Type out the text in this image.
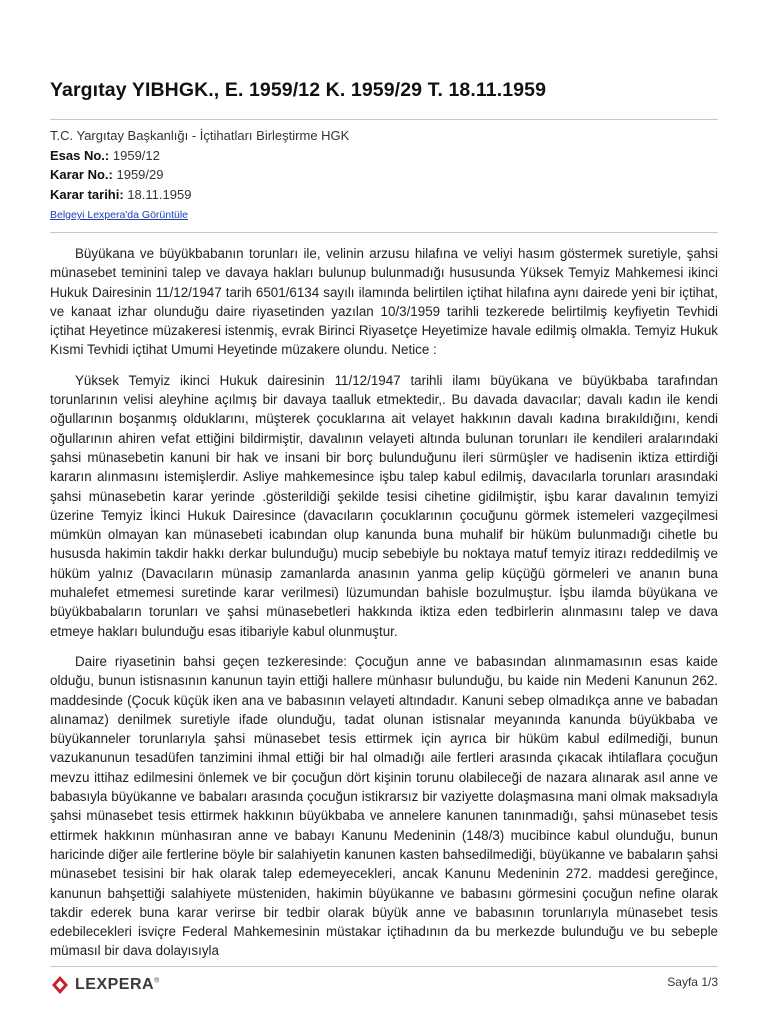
Yargıtay YIBHGK., E. 1959/12 K. 1959/29 T. 18.11.1959
T.C. Yargıtay Başkanlığı - İçtihatları Birleştirme HGK
Esas No.: 1959/12
Karar No.: 1959/29
Karar tarihi: 18.11.1959
Belgeyi Lexpera'da Görüntüle

Büyükana ve büyükbabanın torunları ile, velinin arzusu hilafına ve veliyi hasım göstermek suretiyle, şahsi münasebet teminini talep ve davaya hakları bulunup bulunmadığı hususunda Yüksek Temyiz Mahkemesi ikinci Hukuk Dairesinin 11/12/1947 tarih 6501/6134 sayılı ilamında belirtilen içtihat hilafına aynı dairede yeni bir içtihat, ve kanaat izhar olunduğu daire riyasetinden yazılan 10/3/1959 tarihli tezkerede belirtilmiş keyfiyetin Tevhidi içtihat Heyetince müzakeresi istenmiş, evrak Birinci Riyasetçe Heyetimize havale edilmiş olmakla. Temyiz Hukuk Kısmi Tevhidi içtihat Umumi Heyetinde müzakere olundu. Netice :

Yüksek Temyiz ikinci Hukuk dairesinin 11/12/1947 tarihli ilamı büyükana ve büyükbaba tarafından torunlarının velisi aleyhine açılmış bir davaya taalluk etmektedir,. Bu davada davacılar; davalı kadın ile kendi oğullarının boşanmış olduklarını, müşterek çocuklarına ait velayet hakkının davalı kadına bırakıldığını, kendi oğullarının ahiren vefat ettiğini bildirmiştir, davalının velayeti altında bulunan torunları ile kendileri aralarındaki şahsi münasebetin kanuni bir hak ve insani bir borç bulunduğunu ileri sürmüşler ve hadisenin iktiza ettirdiği kararın alınmasını istemişlerdir. Asliye mahkemesince işbu talep kabul edilmiş, davacılarla torunları arasındaki şahsi münasebetin karar yerinde .gösterildiği şekilde tesisi cihetine gidilmiştir, işbu karar davalının temyizi üzerine Temyiz İkinci Hukuk Dairesince (davacıların çocuklarının çocuğunu görmek istemeleri vazgeçilmesi mümkün olmayan kan münasebeti icabından olup kanunda buna muhalif bir hüküm bulunmadığı cihetle bu hususda hakimin takdir hakkı derkar bulunduğu) mucip sebebiyle bu noktaya matuf temyiz itirazı reddedilmiş ve hüküm yalnız (Davacıların münasip zamanlarda anasının yanma gelip küçüğü görmeleri ve ananın buna muhalefet etmemesi suretinde karar verilmesi) lüzumundan bahisle bozulmuştur. İşbu ilamda büyükana ve büyükbabaların torunları ve şahsi münasebetleri hakkında iktiza eden tedbirlerin alınmasını talep ve dava etmeye hakları bulunduğu esas itibariyle kabul olunmuştur.

Daire riyasetinin bahsi geçen tezkeresinde: Çocuğun anne ve babasından alınmamasının esas kaide olduğu, bunun istisnasının kanunun tayin ettiği hallere münhasır bulunduğu, bu kaide nin Medeni Kanunun 262. maddesinde (Çocuk küçük iken ana ve babasının velayeti altındadır. Kanuni sebep olmadıkça anne ve babadan alınamaz) denilmek suretiyle ifade olunduğu, tadat olunan istisnalar meyanında kanunda büyükbaba ve büyükanneler torunlarıyla şahsi münasebet tesis ettirmek için ayrıca bir hüküm kabul edilmediği, bunun vazukanunun tesadüfen tanzimini ihmal ettiği bir hal olmadığı aile fertleri arasında çıkacak ihtilaflara çocuğun mevzu ittihaz edilmesini önlemek ve bir çocuğun dört kişinin torunu olabileceği de nazara alınarak asıl anne ve babasıyla büyükanne ve babaları arasında çocuğun istikrarsız bir vaziyette dolaşmasına mani olmak maksadıyla şahsi münasebet tesis ettirmek hakkının büyükbaba ve annelere kanunen tanınmadığı, şahsi münasebet tesis ettirmek hakkının münhasıran anne ve babayı Kanunu Medeninin (148/3) mucibince kabul olunduğu, bunun haricinde diğer aile fertlerine böyle bir salahiyetin kanunen kasten bahsedilmediği, büyükanne ve babaların şahsi münasebet tesisini bir hak olarak talep edemeyecekleri, ancak Kanunu Medeninin 272. maddesi gereğince, kanunun bahşettiği salahiyete müsteniden, hakimin büyükanne ve babasını görmesini çocuğun nefine olarak takdir ederek buna karar verirse bir tedbir olarak büyük anne ve babasının torunlarıyla münasebet tesis edebilecekleri isviçre Federal Mahkemesinin müstakar içtihadının da bu merkezde bulunduğu ve bu sebeple mümasıl bir dava dolayısıyla

LEXPERA®	Sayfa 1/3
